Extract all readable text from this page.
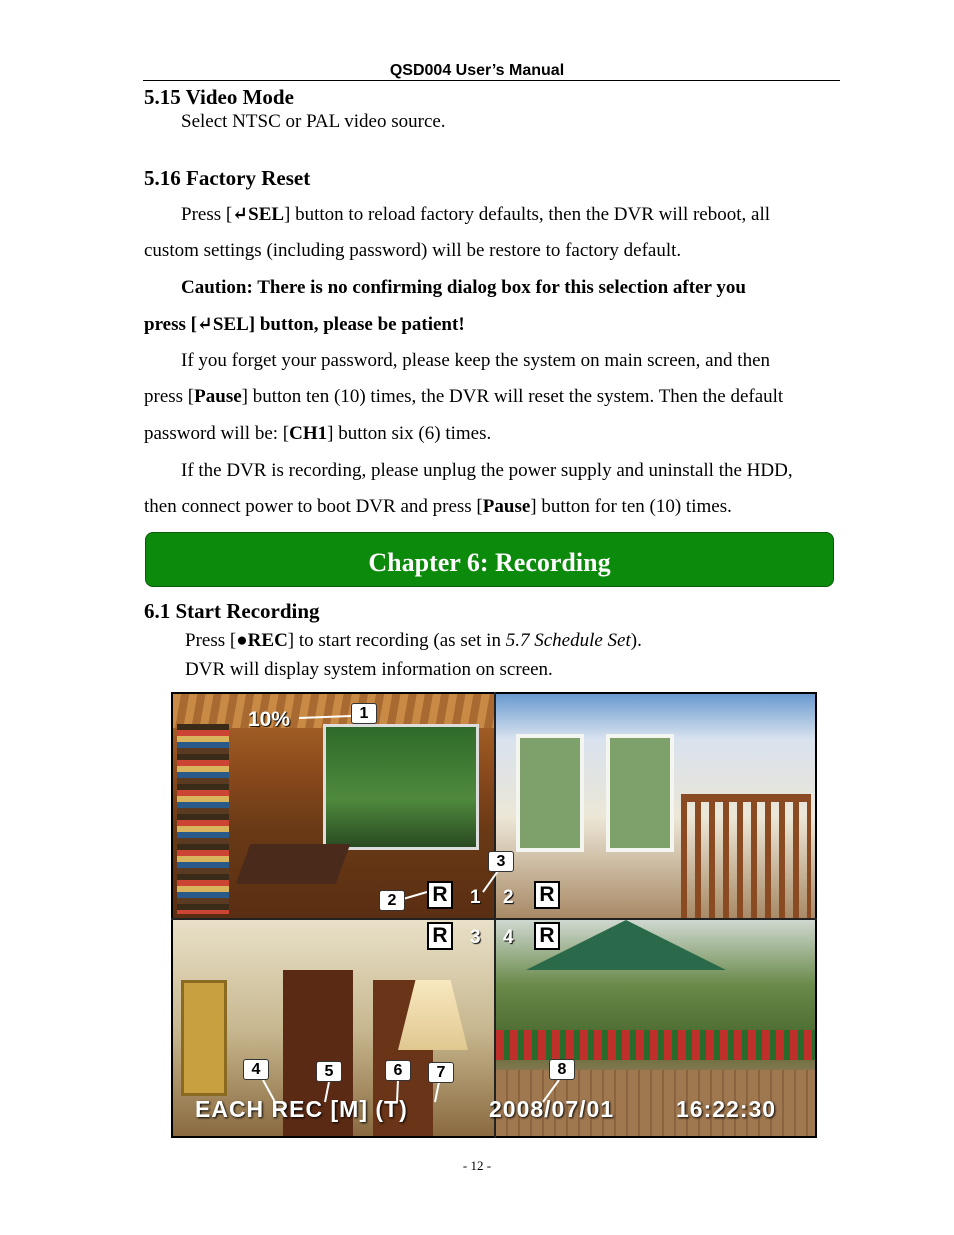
QSD004 User’s Manual
5.15 Video Mode
Select NTSC or PAL video source.
5.16 Factory Reset
Press [↵SEL] button to reload factory defaults, then the DVR will reboot, all
custom settings (including password) will be restore to factory default.
Caution: There is no confirming dialog box for this selection after you
press [↵SEL] button, please be patient!
If you forget your password, please keep the system on main screen, and then
press [Pause] button ten (10) times, the DVR will reset the system. Then the default
password will be: [CH1] button six (6) times.
If the DVR is recording, please unplug the power supply and uninstall the HDD,
then connect power to boot DVR and press [Pause] button for ten (10) times.
Chapter 6: Recording
6.1 Start Recording
Press [●REC] to start recording (as set in 5.7 Schedule Set).
DVR will display system information on screen.
10%
R 1 2 R
R 3 4 R
EACH REC [M] (T)	2008/07/01	16:22:30
1
2
3
4	5	6	7	8
- 12 -
